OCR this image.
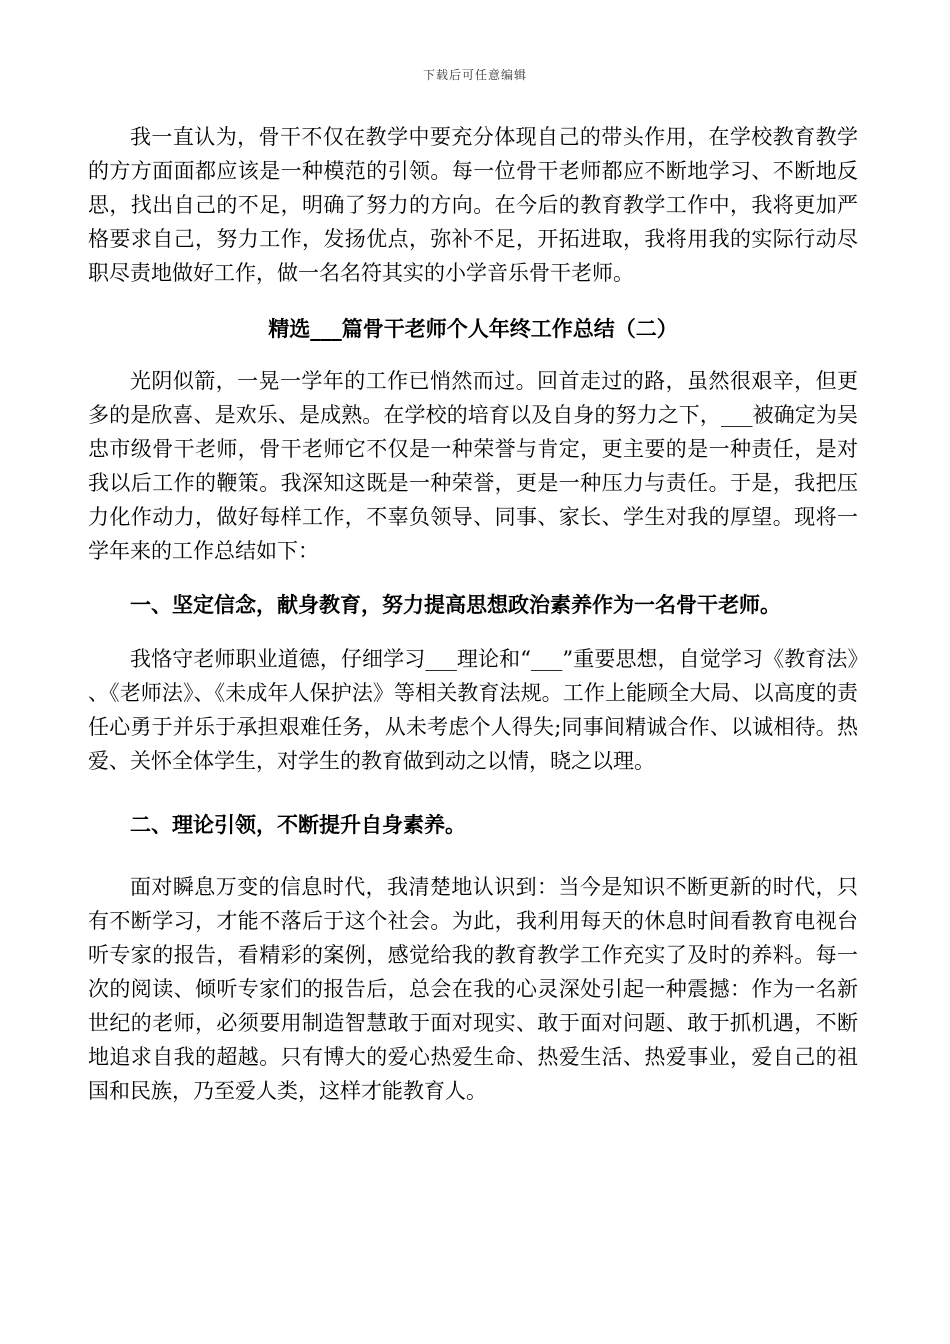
下载后可任意编辑

我一直认为，骨干不仅在教学中要充分体现自己的带头作用，在学校教育教学的方方面面都应该是一种模范的引领。每一位骨干老师都应不断地学习、不断地反思，找出自己的不足，明确了努力的方向。在今后的教育教学工作中，我将更加严格要求自己，努力工作，发扬优点，弥补不足，开拓进取，我将用我的实际行动尽职尽责地做好工作，做一名名符其实的小学音乐骨干老师。

精选___篇骨干老师个人年终工作总结（二）

光阴似箭，一晃一学年的工作已悄然而过。回首走过的路，虽然很艰辛，但更多的是欣喜、是欢乐、是成熟。在学校的培育以及自身的努力之下，___被确定为吴忠市级骨干老师，骨干老师它不仅是一种荣誉与肯定，更主要的是一种责任，是对我以后工作的鞭策。我深知这既是一种荣誉，更是一种压力与责任。于是，我把压力化作动力，做好每样工作，不辜负领导、同事、家长、学生对我的厚望。现将一学年来的工作总结如下：

一、坚定信念，献身教育，努力提高思想政治素养作为一名骨干老师。

我恪守老师职业道德，仔细学习___理论和“___”重要思想，自觉学习《教育法》、《老师法》、《未成年人保护法》等相关教育法规。工作上能顾全大局、以高度的责任心勇于并乐于承担艰难任务，从未考虑个人得失;同事间精诚合作、以诚相待。热爱、关怀全体学生，对学生的教育做到动之以情，晓之以理。

二、理论引领，不断提升自身素养。

面对瞬息万变的信息时代，我清楚地认识到：当今是知识不断更新的时代，只有不断学习，才能不落后于这个社会。为此，我利用每天的休息时间看教育电视台听专家的报告，看精彩的案例，感觉给我的教育教学工作充实了及时的养料。每一次的阅读、倾听专家们的报告后，总会在我的心灵深处引起一种震撼：作为一名新世纪的老师，必须要用制造智慧敢于面对现实、敢于面对问题、敢于抓机遇，不断地追求自我的超越。只有博大的爱心热爱生命、热爱生活、热爱事业，爱自己的祖国和民族，乃至爱人类，这样才能教育人。
